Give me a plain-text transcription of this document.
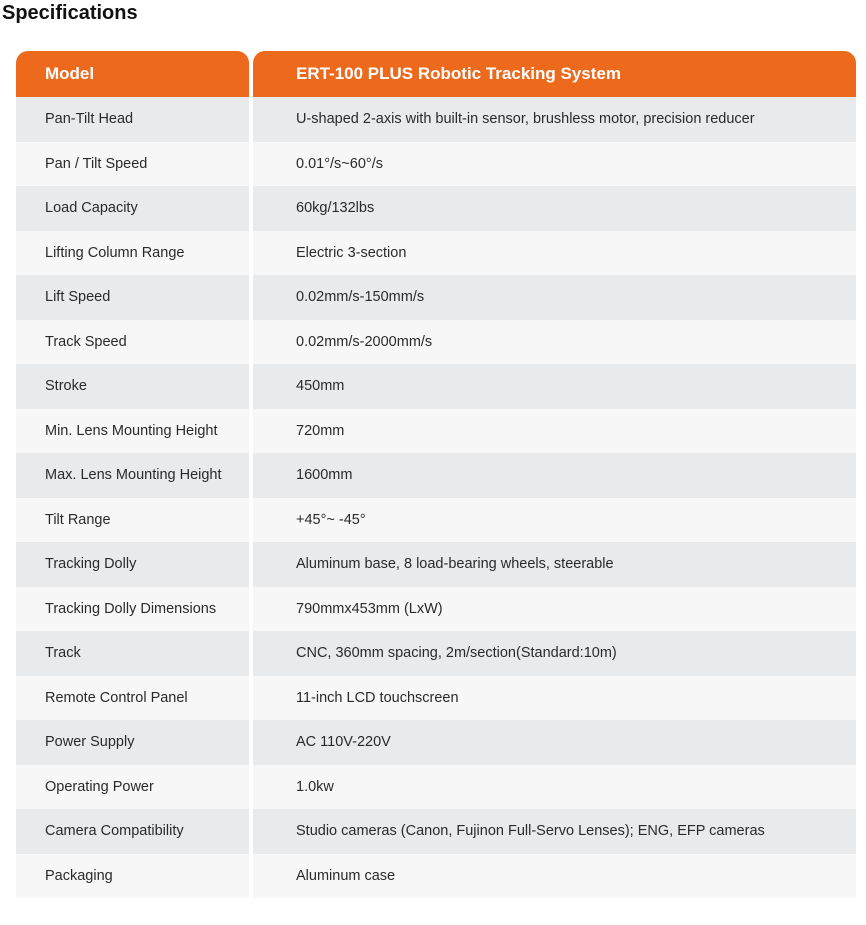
Specifications
Model	ERT-100 PLUS Robotic Tracking System
Pan-Tilt Head	U-shaped 2-axis with built-in sensor, brushless motor, precision reducer
Pan / Tilt Speed	0.01°/s~60°/s
Load Capacity	60kg/132lbs
Lifting Column Range	Electric 3-section
Lift Speed	0.02mm/s-150mm/s
Track Speed	0.02mm/s-2000mm/s
Stroke	450mm
Min. Lens Mounting Height	720mm
Max. Lens Mounting Height	1600mm
Tilt Range	+45°~ -45°
Tracking Dolly	Aluminum base, 8 load-bearing wheels, steerable
Tracking Dolly Dimensions	790mmx453mm (LxW)
Track	CNC, 360mm spacing, 2m/section(Standard:10m)
Remote Control Panel	11-inch LCD touchscreen
Power Supply	AC 110V-220V
Operating Power	1.0kw
Camera Compatibility	Studio cameras (Canon, Fujinon Full-Servo Lenses); ENG, EFP cameras
Packaging	Aluminum case
